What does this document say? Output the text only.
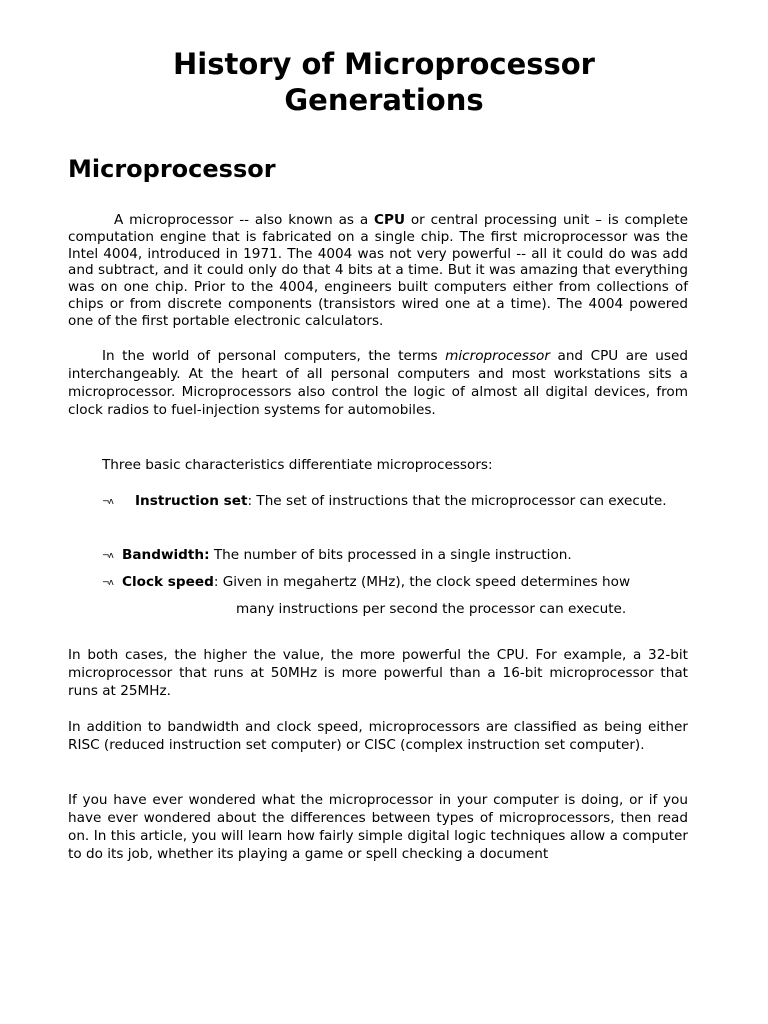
History of Microprocessor
Generations
Microprocessor

A microprocessor -- also known as a CPU or central processing unit – is complete computation engine that is fabricated on a single chip. The first microprocessor was the Intel 4004, introduced in 1971. The 4004 was not very powerful -- all it could do was add and subtract, and it could only do that 4 bits at a time. But it was amazing that everything was on one chip. Prior to the 4004, engineers built computers either from collections of chips or from discrete components (transistors wired one at a time). The 4004 powered one of the first portable electronic calculators.

In the world of personal computers, the terms microprocessor and CPU are used interchangeably. At the heart of all personal computers and most workstations sits a microprocessor. Microprocessors also control the logic of almost all digital devices, from clock radios to fuel-injection systems for automobiles.

Three basic characteristics differentiate microprocessors:

¬ʌ Instruction set: The set of instructions that the microprocessor can execute.
¬ʌ Bandwidth: The number of bits processed in a single instruction.
¬ʌ Clock speed: Given in megahertz (MHz), the clock speed determines how
many instructions per second the processor can execute.

In both cases, the higher the value, the more powerful the CPU. For example, a 32-bit microprocessor that runs at 50MHz is more powerful than a 16-bit microprocessor that runs at 25MHz.

In addition to bandwidth and clock speed, microprocessors are classified as being either RISC (reduced instruction set computer) or CISC (complex instruction set computer).

If you have ever wondered what the microprocessor in your computer is doing, or if you have ever wondered about the differences between types of microprocessors, then read on. In this article, you will learn how fairly simple digital logic techniques allow a computer to do its job, whether its playing a game or spell checking a document
